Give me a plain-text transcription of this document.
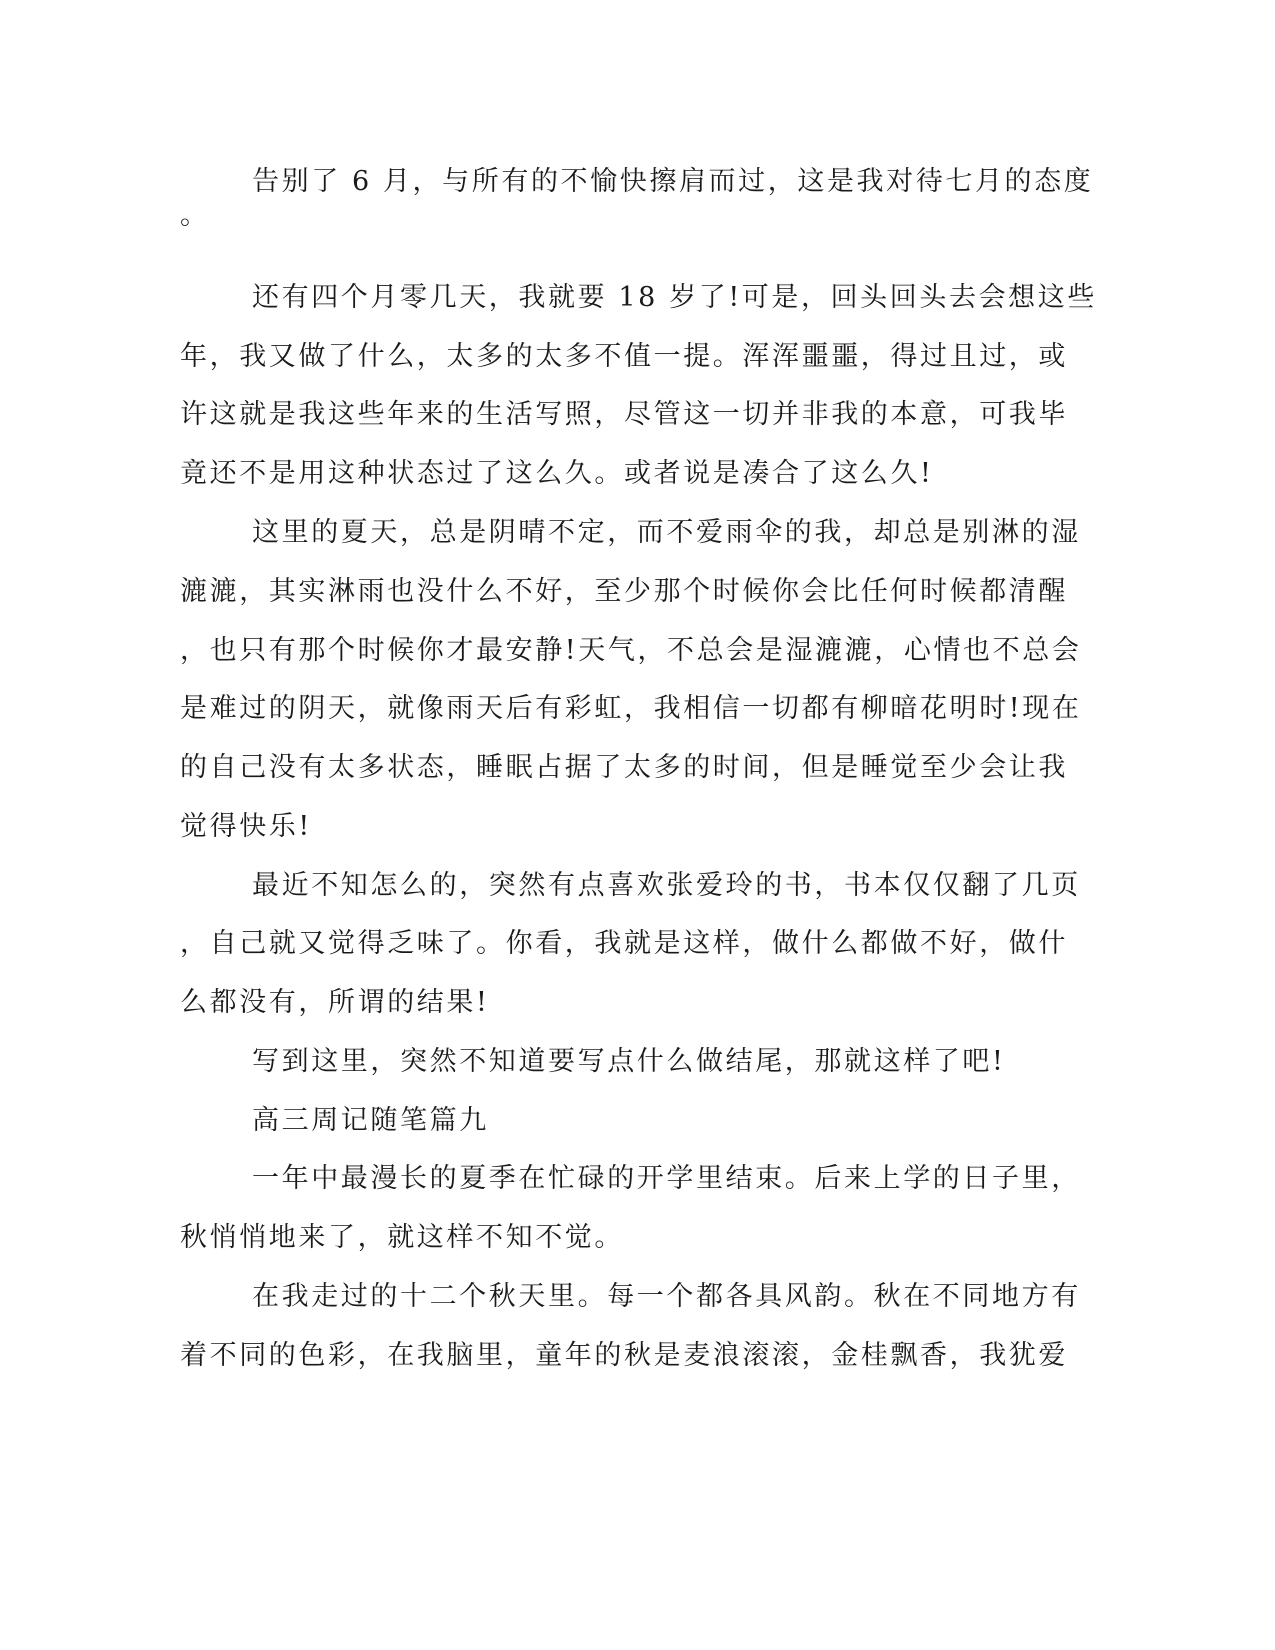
告别了 6 月，与所有的不愉快擦肩而过，这是我对待七月的态度
。
还有四个月零几天，我就要 18 岁了!可是，回头回头去会想这些
年，我又做了什么，太多的太多不值一提。浑浑噩噩，得过且过，或
许这就是我这些年来的生活写照，尽管这一切并非我的本意，可我毕
竟还不是用这种状态过了这么久。或者说是凑合了这么久!
这里的夏天，总是阴晴不定，而不爱雨伞的我，却总是别淋的湿
漉漉，其实淋雨也没什么不好，至少那个时候你会比任何时候都清醒
，也只有那个时候你才最安静!天气，不总会是湿漉漉，心情也不总会
是难过的阴天，就像雨天后有彩虹，我相信一切都有柳暗花明时!现在
的自己没有太多状态，睡眠占据了太多的时间，但是睡觉至少会让我
觉得快乐!
最近不知怎么的，突然有点喜欢张爱玲的书，书本仅仅翻了几页
，自己就又觉得乏味了。你看，我就是这样，做什么都做不好，做什
么都没有，所谓的结果!
写到这里，突然不知道要写点什么做结尾，那就这样了吧!
高三周记随笔篇九
一年中最漫长的夏季在忙碌的开学里结束。后来上学的日子里，
秋悄悄地来了，就这样不知不觉。
在我走过的十二个秋天里。每一个都各具风韵。秋在不同地方有
着不同的色彩，在我脑里，童年的秋是麦浪滚滚，金桂飘香，我犹爱
